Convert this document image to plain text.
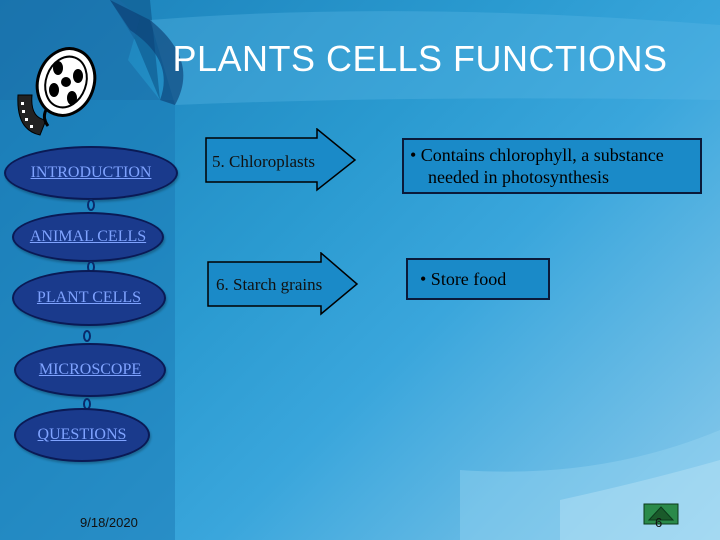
PLANTS CELLS FUNCTIONS
INTRODUCTION
ANIMAL CELLS
PLANT CELLS
MICROSCOPE
QUESTIONS
5. Chloroplasts
6. Starch grains
• Contains chlorophyll, a substance needed in photosynthesis
• Store food
9/18/2020	6
